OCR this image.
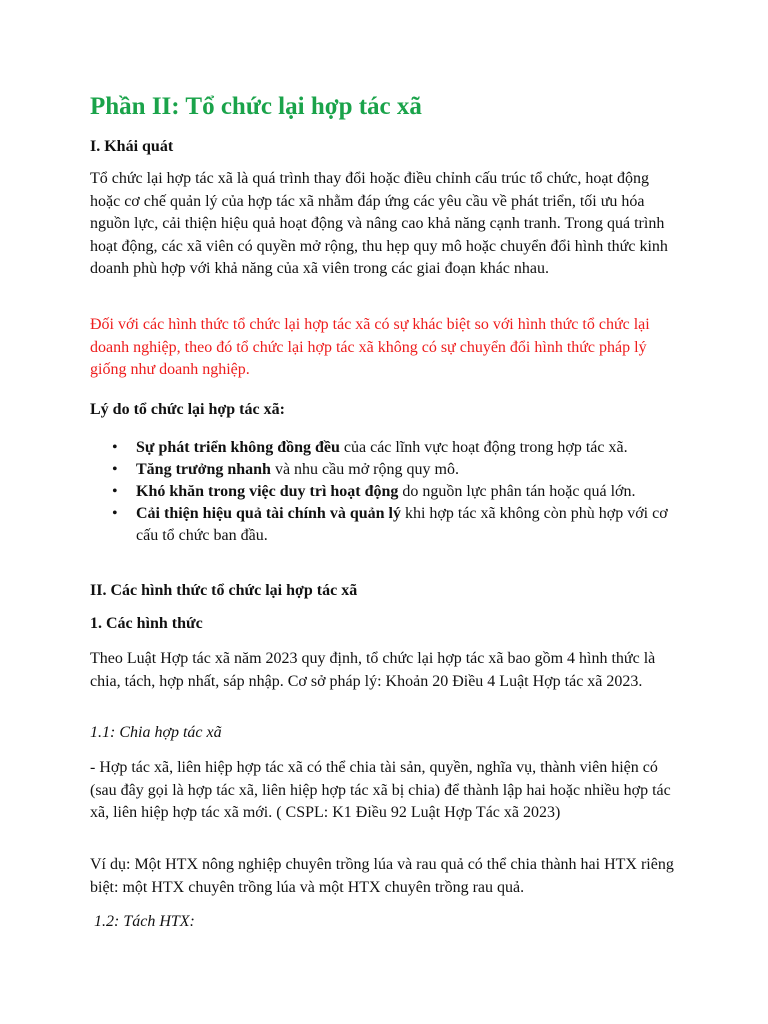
Phần II: Tổ chức lại hợp tác xã
I. Khái quát

Tổ chức lại hợp tác xã là quá trình thay đổi hoặc điều chỉnh cấu trúc tổ chức, hoạt động hoặc cơ chế quản lý của hợp tác xã nhằm đáp ứng các yêu cầu về phát triển, tối ưu hóa nguồn lực, cải thiện hiệu quả hoạt động và nâng cao khả năng cạnh tranh. Trong quá trình hoạt động, các xã viên có quyền mở rộng, thu hẹp quy mô hoặc chuyển đổi hình thức kinh doanh phù hợp với khả năng của xã viên trong các giai đoạn khác nhau.

Đối với các hình thức tổ chức lại hợp tác xã có sự khác biệt so với hình thức tổ chức lại doanh nghiệp, theo đó tổ chức lại hợp tác xã không có sự chuyển đổi hình thức pháp lý giống như doanh nghiệp.

Lý do tổ chức lại hợp tác xã:
• Sự phát triển không đồng đều của các lĩnh vực hoạt động trong hợp tác xã.
• Tăng trưởng nhanh và nhu cầu mở rộng quy mô.
• Khó khăn trong việc duy trì hoạt động do nguồn lực phân tán hoặc quá lớn.
• Cải thiện hiệu quả tài chính và quản lý khi hợp tác xã không còn phù hợp với cơ cấu tổ chức ban đầu.
II. Các hình thức tổ chức lại hợp tác xã
1. Các hình thức

Theo Luật Hợp tác xã năm 2023 quy định, tổ chức lại hợp tác xã bao gồm 4 hình thức là chia, tách, hợp nhất, sáp nhập. Cơ sở pháp lý: Khoản 20 Điều 4 Luật Hợp tác xã 2023.

1.1: Chia hợp tác xã

- Hợp tác xã, liên hiệp hợp tác xã có thể chia tài sản, quyền, nghĩa vụ, thành viên hiện có (sau đây gọi là hợp tác xã, liên hiệp hợp tác xã bị chia) để thành lập hai hoặc nhiều hợp tác xã, liên hiệp hợp tác xã mới. ( CSPL: K1 Điều 92 Luật Hợp Tác xã 2023)

Ví dụ: Một HTX nông nghiệp chuyên trồng lúa và rau quả có thể chia thành hai HTX riêng biệt: một HTX chuyên trồng lúa và một HTX chuyên trồng rau quả.

1.2: Tách HTX:
